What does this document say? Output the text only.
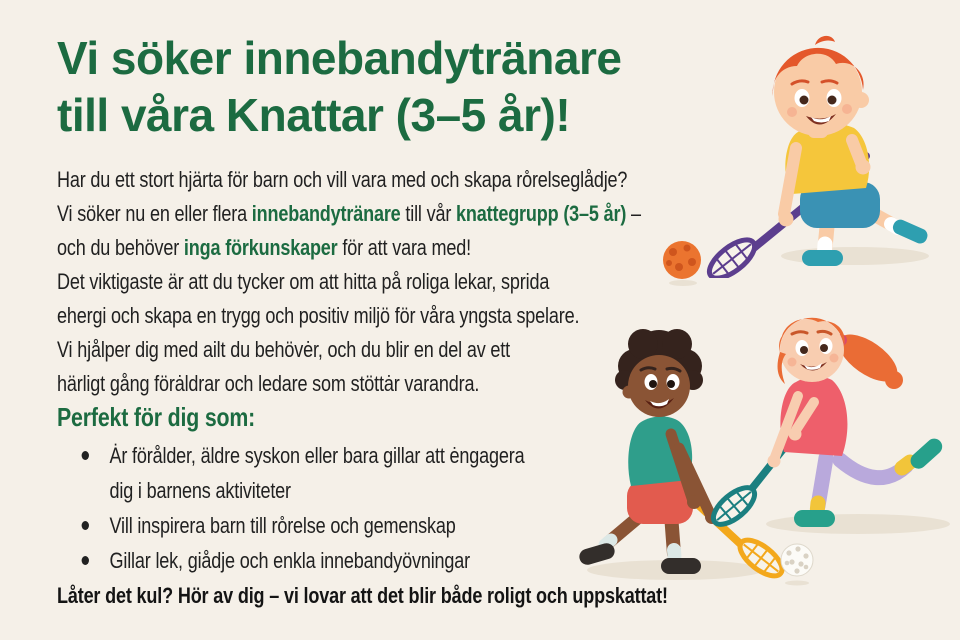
Vi söker innebandytränare
till våra Knattar (3–5 år)!

Har du ett stort hjärta för barn och vill vara med och skapa ro̊relseglådje?
Vi söker nu en eller flera innebandytränare till vår knattegrupp (3–5 år) –
och du behöver inga förkunskaper för att vara med!

Det viktigaste är att du tycker om att hitta på roliga lekar, sprida
ehergi och skapa en trygg och positiv miljö för våra yngsta spelare.
Vi hjålper dig med ailt du behövėr, och du blir en del av ett
härligt gång förȧldrar och ledare som stöttȧr varandra.

Perfekt för dig som:
Ȧr förålder, äldre syskon eller bara gillar att ėngagera
dig i barnens aktiviteter
Vill inspirera barn till ro̊relse och gemenskap
Gillar lek, giådje och enkla innebandyövningar

Låter det kul? Hör av dig – vi lovar att det blir både roligt och uppskattat!
